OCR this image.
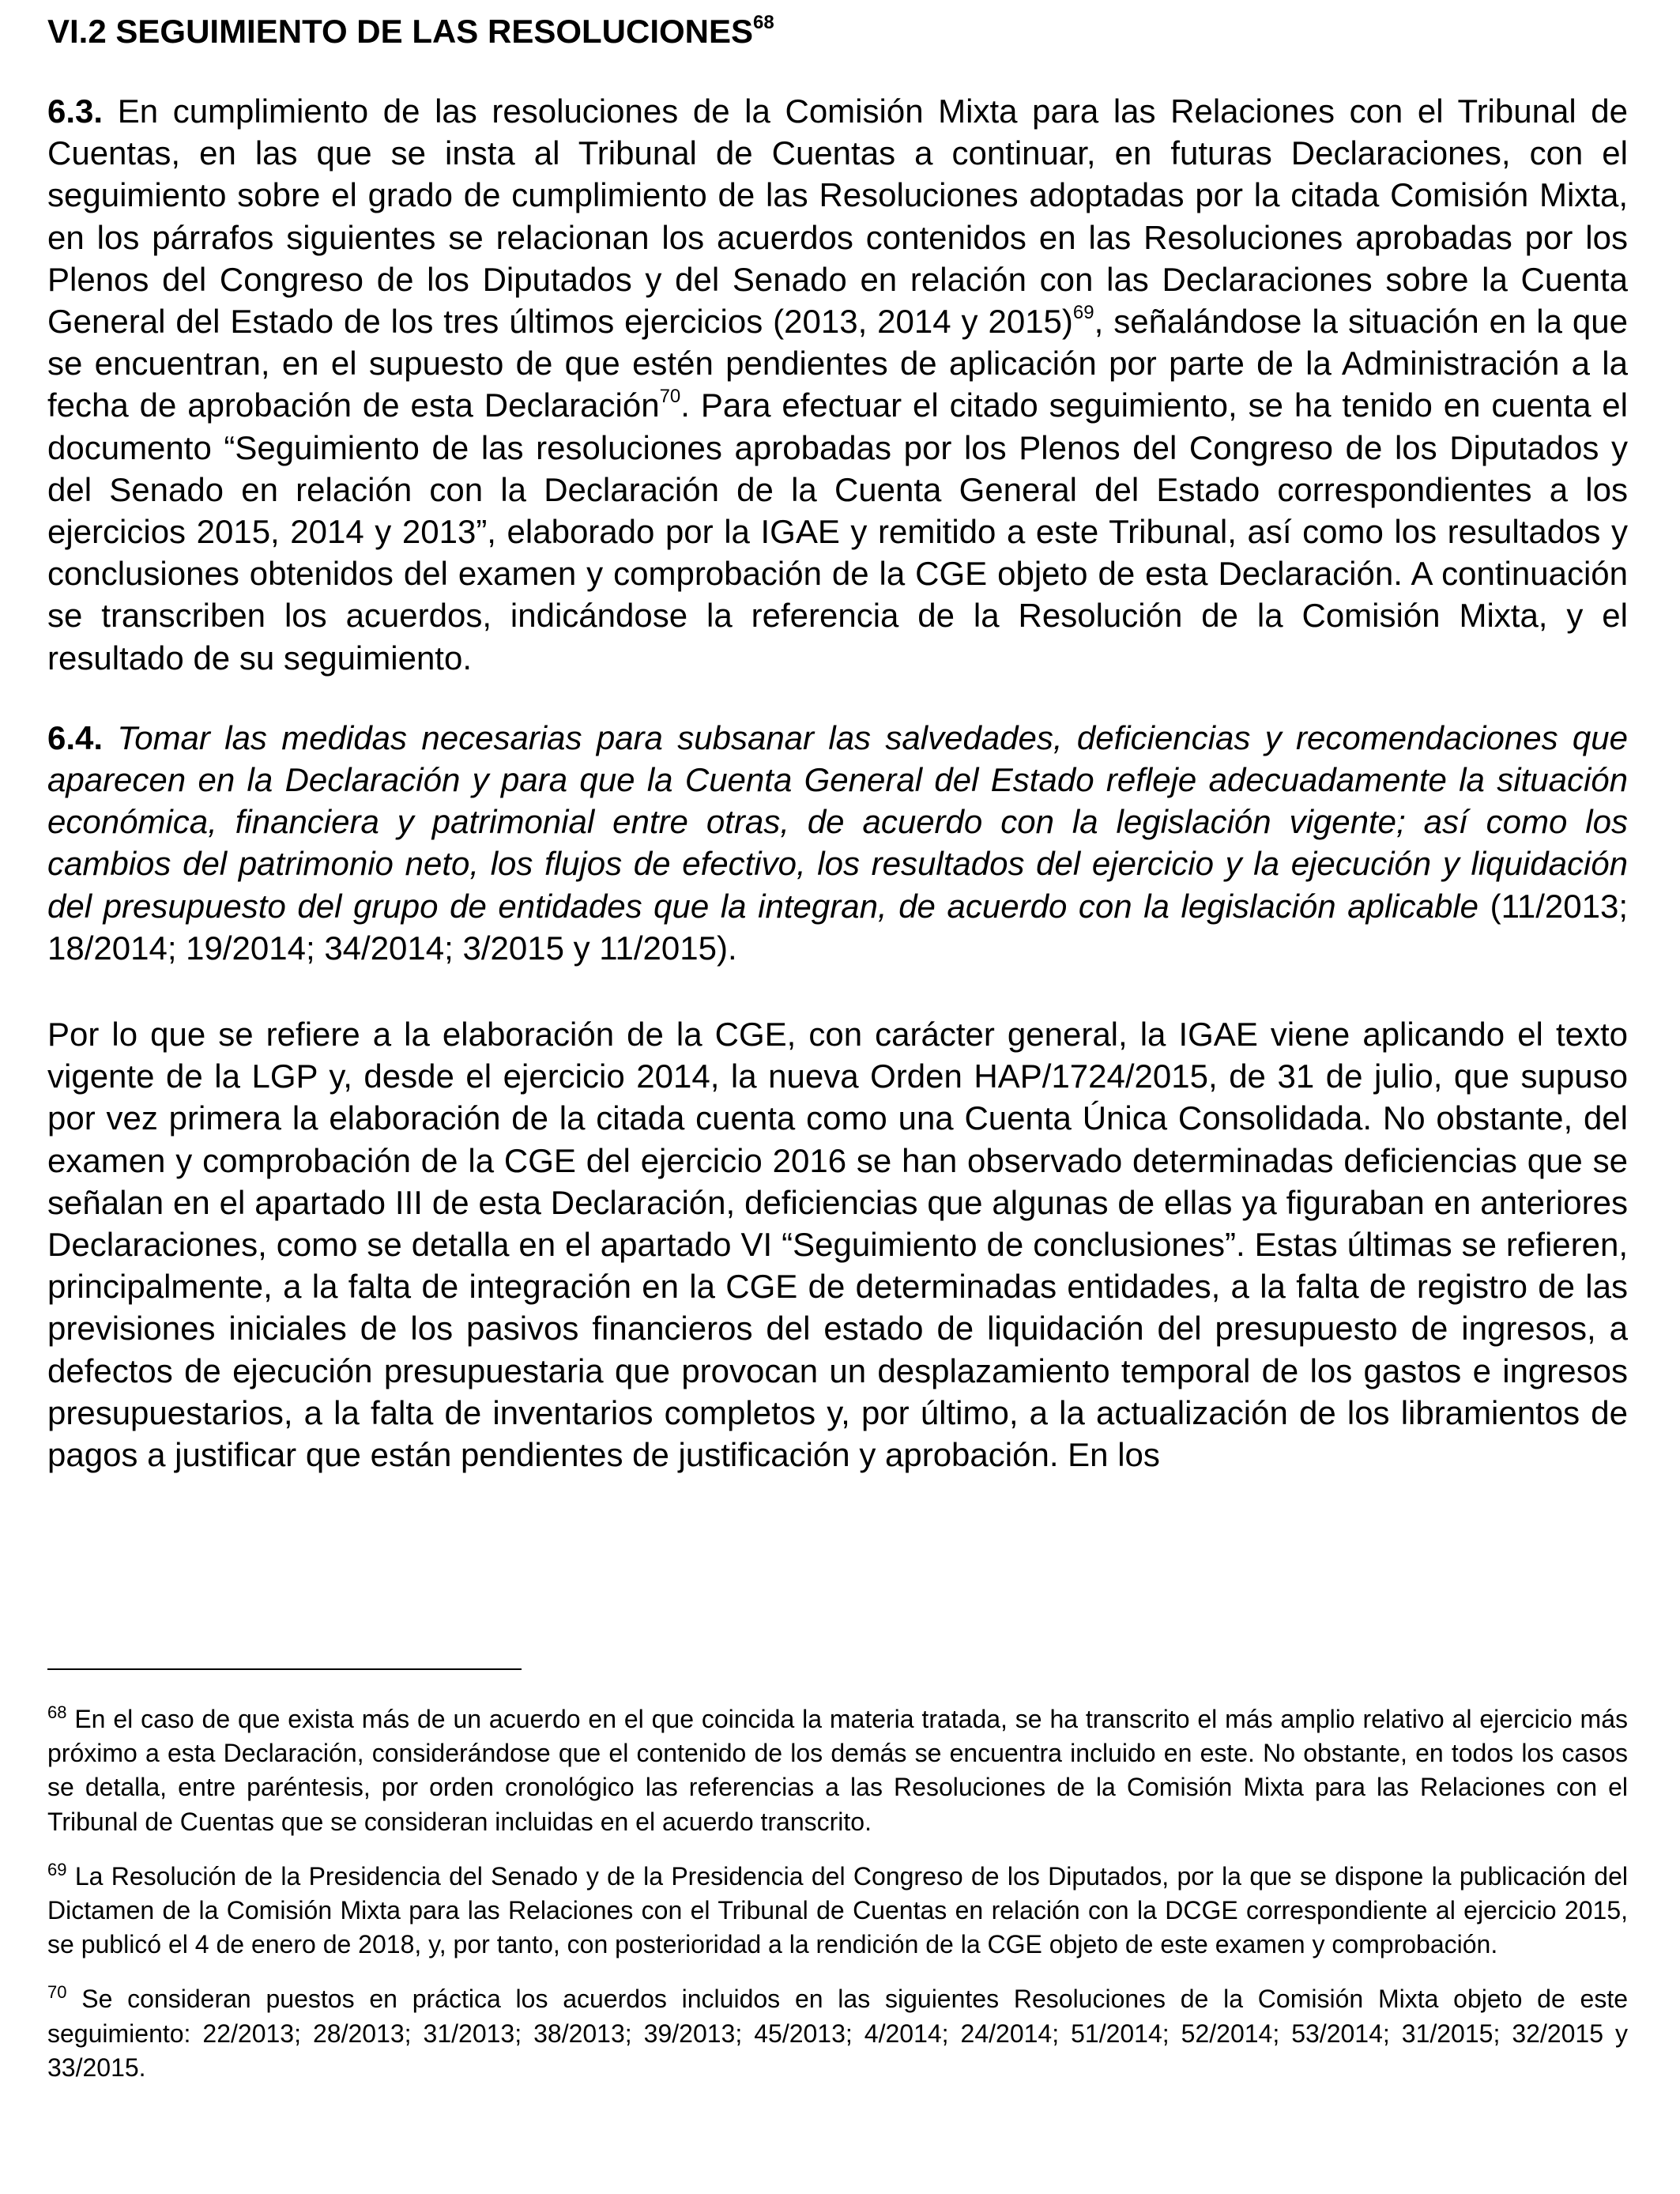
VI.2 SEGUIMIENTO DE LAS RESOLUCIONES$^{68}$

6.3. En cumplimiento de las resoluciones de la Comisión Mixta para las Relaciones con el Tribunal de Cuentas, en las que se insta al Tribunal de Cuentas a continuar, en futuras Declaraciones, con el seguimiento sobre el grado de cumplimiento de las Resoluciones adoptadas por la citada Comisión Mixta, en los párrafos siguientes se relacionan los acuerdos contenidos en las Resoluciones aprobadas por los Plenos del Congreso de los Diputados y del Senado en relación con las Declaraciones sobre la Cuenta General del Estado de los tres últimos ejercicios (2013, 2014 y 2015)$^{69}$, señalándose la situación en la que se encuentran, en el supuesto de que estén pendientes de aplicación por parte de la Administración a la fecha de aprobación de esta Declaración$^{70}$. Para efectuar el citado seguimiento, se ha tenido en cuenta el documento “Seguimiento de las resoluciones aprobadas por los Plenos del Congreso de los Diputados y del Senado en relación con la Declaración de la Cuenta General del Estado correspondientes a los ejercicios 2015, 2014 y 2013”, elaborado por la IGAE y remitido a este Tribunal, así como los resultados y conclusiones obtenidos del examen y comprobación de la CGE objeto de esta Declaración. A continuación se transcriben los acuerdos, indicándose la referencia de la Resolución de la Comisión Mixta, y el resultado de su seguimiento.

6.4. Tomar las medidas necesarias para subsanar las salvedades, deficiencias y recomendaciones que aparecen en la Declaración y para que la Cuenta General del Estado refleje adecuadamente la situación económica, financiera y patrimonial entre otras, de acuerdo con la legislación vigente; así como los cambios del patrimonio neto, los flujos de efectivo, los resultados del ejercicio y la ejecución y liquidación del presupuesto del grupo de entidades que la integran, de acuerdo con la legislación aplicable (11/2013; 18/2014; 19/2014; 34/2014; 3/2015 y 11/2015).

Por lo que se refiere a la elaboración de la CGE, con carácter general, la IGAE viene aplicando el texto vigente de la LGP y, desde el ejercicio 2014, la nueva Orden HAP/1724/2015, de 31 de julio, que supuso por vez primera la elaboración de la citada cuenta como una Cuenta Única Consolidada. No obstante, del examen y comprobación de la CGE del ejercicio 2016 se han observado determinadas deficiencias que se señalan en el apartado III de esta Declaración, deficiencias que algunas de ellas ya figuraban en anteriores Declaraciones, como se detalla en el apartado VI “Seguimiento de conclusiones”. Estas últimas se refieren, principalmente, a la falta de integración en la CGE de determinadas entidades, a la falta de registro de las previsiones iniciales de los pasivos financieros del estado de liquidación del presupuesto de ingresos, a defectos de ejecución presupuestaria que provocan un desplazamiento temporal de los gastos e ingresos presupuestarios, a la falta de inventarios completos y, por último, a la actualización de los libramientos de pagos a justificar que están pendientes de justificación y aprobación. En los

$^{68}$ En el caso de que exista más de un acuerdo en el que coincida la materia tratada, se ha transcrito el más amplio relativo al ejercicio más próximo a esta Declaración, considerándose que el contenido de los demás se encuentra incluido en este. No obstante, en todos los casos se detalla, entre paréntesis, por orden cronológico las referencias a las Resoluciones de la Comisión Mixta para las Relaciones con el Tribunal de Cuentas que se consideran incluidas en el acuerdo transcrito.

$^{69}$ La Resolución de la Presidencia del Senado y de la Presidencia del Congreso de los Diputados, por la que se dispone la publicación del Dictamen de la Comisión Mixta para las Relaciones con el Tribunal de Cuentas en relación con la DCGE correspondiente al ejercicio 2015, se publicó el 4 de enero de 2018, y, por tanto, con posterioridad a la rendición de la CGE objeto de este examen y comprobación.

$^{70}$ Se consideran puestos en práctica los acuerdos incluidos en las siguientes Resoluciones de la Comisión Mixta objeto de este seguimiento: 22/2013; 28/2013; 31/2013; 38/2013; 39/2013; 45/2013; 4/2014; 24/2014; 51/2014; 52/2014; 53/2014; 31/2015; 32/2015 y 33/2015.
